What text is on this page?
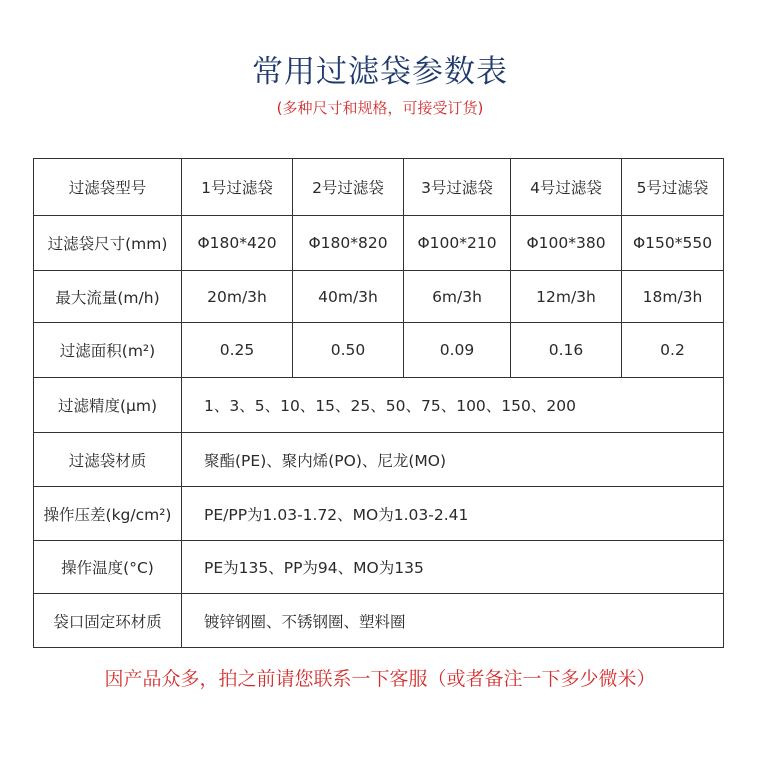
常用过滤袋参数表
(多种尺寸和规格，可接受订货)
过滤袋型号	1号过滤袋	2号过滤袋	3号过滤袋	4号过滤袋	5号过滤袋
过滤袋尺寸(mm)	Φ180*420	Φ180*820	Φ100*210	Φ100*380	Φ150*550
最大流量(m/h)	20m/3h	40m/3h	6m/3h	12m/3h	18m/3h
过滤面积(m²)	0.25	0.50	0.09	0.16	0.2
过滤精度(μm)	1、3、5、10、15、25、50、75、100、150、200				
过滤袋材质	聚酯(PE)、聚内烯(PO)、尼龙(MO)				
操作压差(kg/cm²)	PE/PP为1.03-1.72、MO为1.03-2.41				
操作温度(°C)	PE为135、PP为94、MO为135				
袋口固定环材质	镀锌钢圈、不锈钢圈、塑料圈				
因产品众多，拍之前请您联系一下客服（或者备注一下多少微米）
